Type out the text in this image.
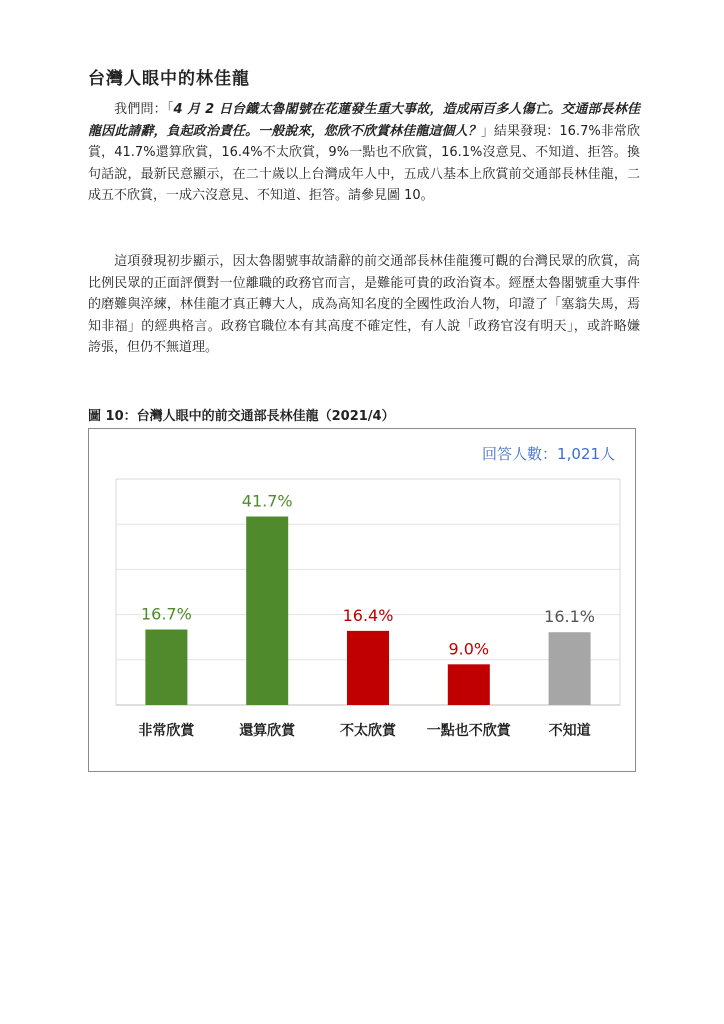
台灣人眼中的林佳龍

我們問：「4 月 2 日台鐵太魯閣號在花蓮發生重大事故，造成兩百多人傷亡。交通部長林佳龍因此請辭，負起政治責任。一般說來，您欣不欣賞林佳龍這個人？」結果發現：16.7%非常欣賞，41.7%還算欣賞，16.4%不太欣賞，9%一點也不欣賞，16.1%沒意見、不知道、拒答。換句話說，最新民意顯示，在二十歲以上台灣成年人中，五成八基本上欣賞前交通部長林佳龍，二成五不欣賞，一成六沒意見、不知道、拒答。請參見圖 10。

這項發現初步顯示，因太魯閣號事故請辭的前交通部長林佳龍獲可觀的台灣民眾的欣賞，高比例民眾的正面評價對一位離職的政務官而言，是難能可貴的政治資本。經歷太魯閣號重大事件的磨難與淬練，林佳龍才真正轉大人，成為高知名度的全國性政治人物，印證了「塞翁失馬，焉知非福」的經典格言。政務官職位本有其高度不確定性，有人說「政務官沒有明天」，或許略嫌誇張，但仍不無道理。

圖 10：台灣人眼中的前交通部長林佳龍（2021/4）

回答人數：1,021人
16.7%
41.7%
16.4%
9.0%
16.1%
非常欣賞	還算欣賞	不太欣賞 一點也不欣賞	不知道
